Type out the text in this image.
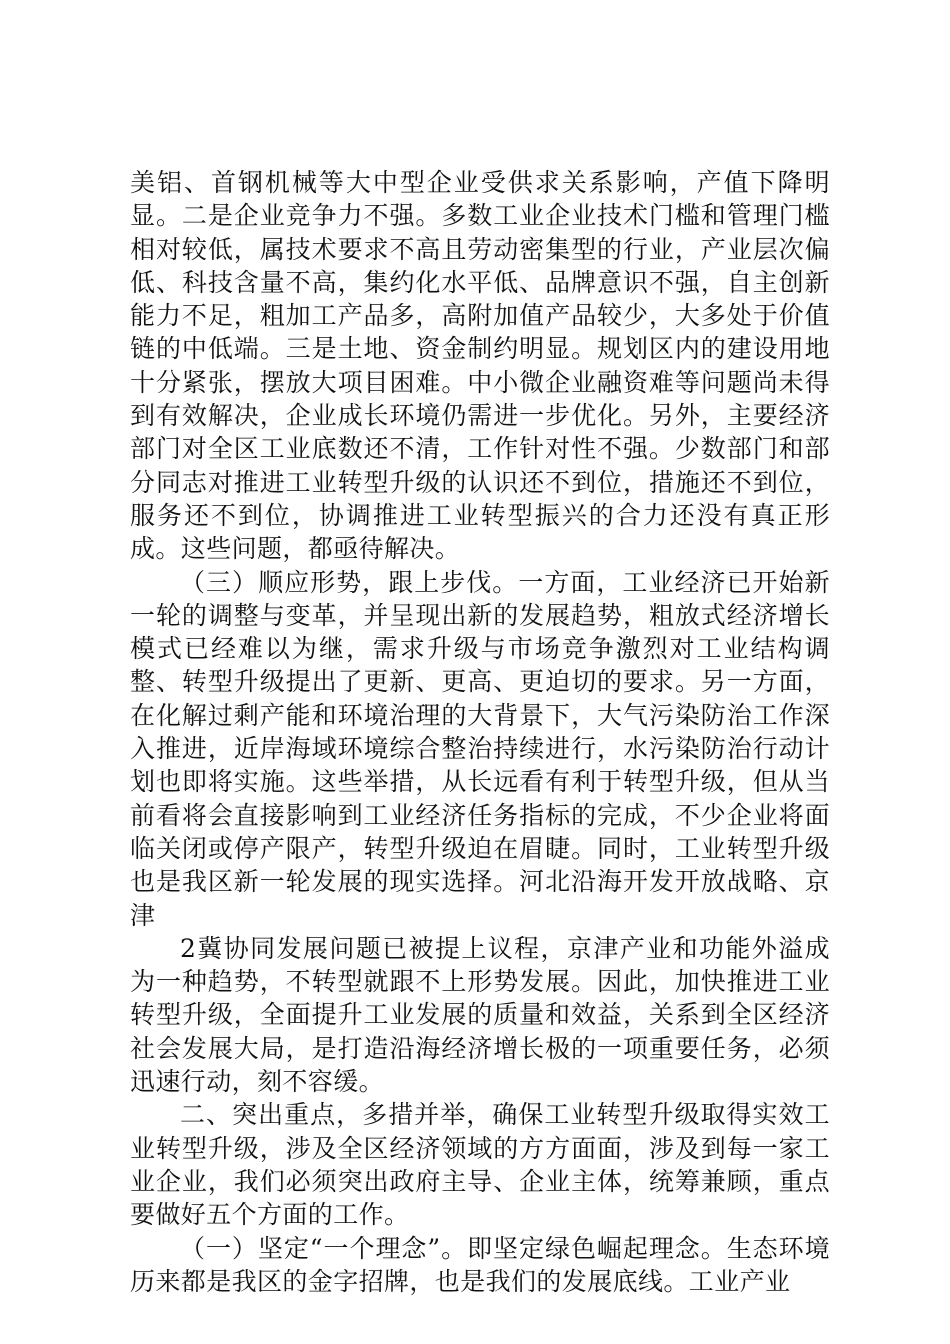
美铝、首钢机械等大中型企业受供求关系影响，产值下降明显。二是企业竞争力不强。多数工业企业技术门槛和管理门槛相对较低，属技术要求不高且劳动密集型的行业，产业层次偏低、科技含量不高，集约化水平低、品牌意识不强，自主创新能力不足，粗加工产品多，高附加值产品较少，大多处于价值链的中低端。三是土地、资金制约明显。规划区内的建设用地十分紧张，摆放大项目困难。中小微企业融资难等问题尚未得到有效解决，企业成长环境仍需进一步优化。另外，主要经济部门对全区工业底数还不清，工作针对性不强。少数部门和部分同志对推进工业转型升级的认识还不到位，措施还不到位，服务还不到位，协调推进工业转型振兴的合力还没有真正形成。这些问题，都亟待解决。

（三）顺应形势，跟上步伐。一方面，工业经济已开始新一轮的调整与变革，并呈现出新的发展趋势，粗放式经济增长模式已经难以为继，需求升级与市场竞争激烈对工业结构调整、转型升级提出了更新、更高、更迫切的要求。另一方面，在化解过剩产能和环境治理的大背景下，大气污染防治工作深入推进，近岸海域环境综合整治持续进行，水污染防治行动计划也即将实施。这些举措，从长远看有利于转型升级，但从当前看将会直接影响到工业经济任务指标的完成，不少企业将面临关闭或停产限产，转型升级迫在眉睫。同时，工业转型升级也是我区新一轮发展的现实选择。河北沿海开发开放战略、京津

2冀协同发展问题已被提上议程，京津产业和功能外溢成为一种趋势，不转型就跟不上形势发展。因此，加快推进工业转型升级，全面提升工业发展的质量和效益，关系到全区经济社会发展大局，是打造沿海经济增长极的一项重要任务，必须迅速行动，刻不容缓。

二、突出重点，多措并举，确保工业转型升级取得实效工业转型升级，涉及全区经济领域的方方面面，涉及到每一家工业企业，我们必须突出政府主导、企业主体，统筹兼顾，重点要做好五个方面的工作。

（一）坚定“一个理念”。即坚定绿色崛起理念。生态环境历来都是我区的金字招牌，也是我们的发展底线。工业产业
